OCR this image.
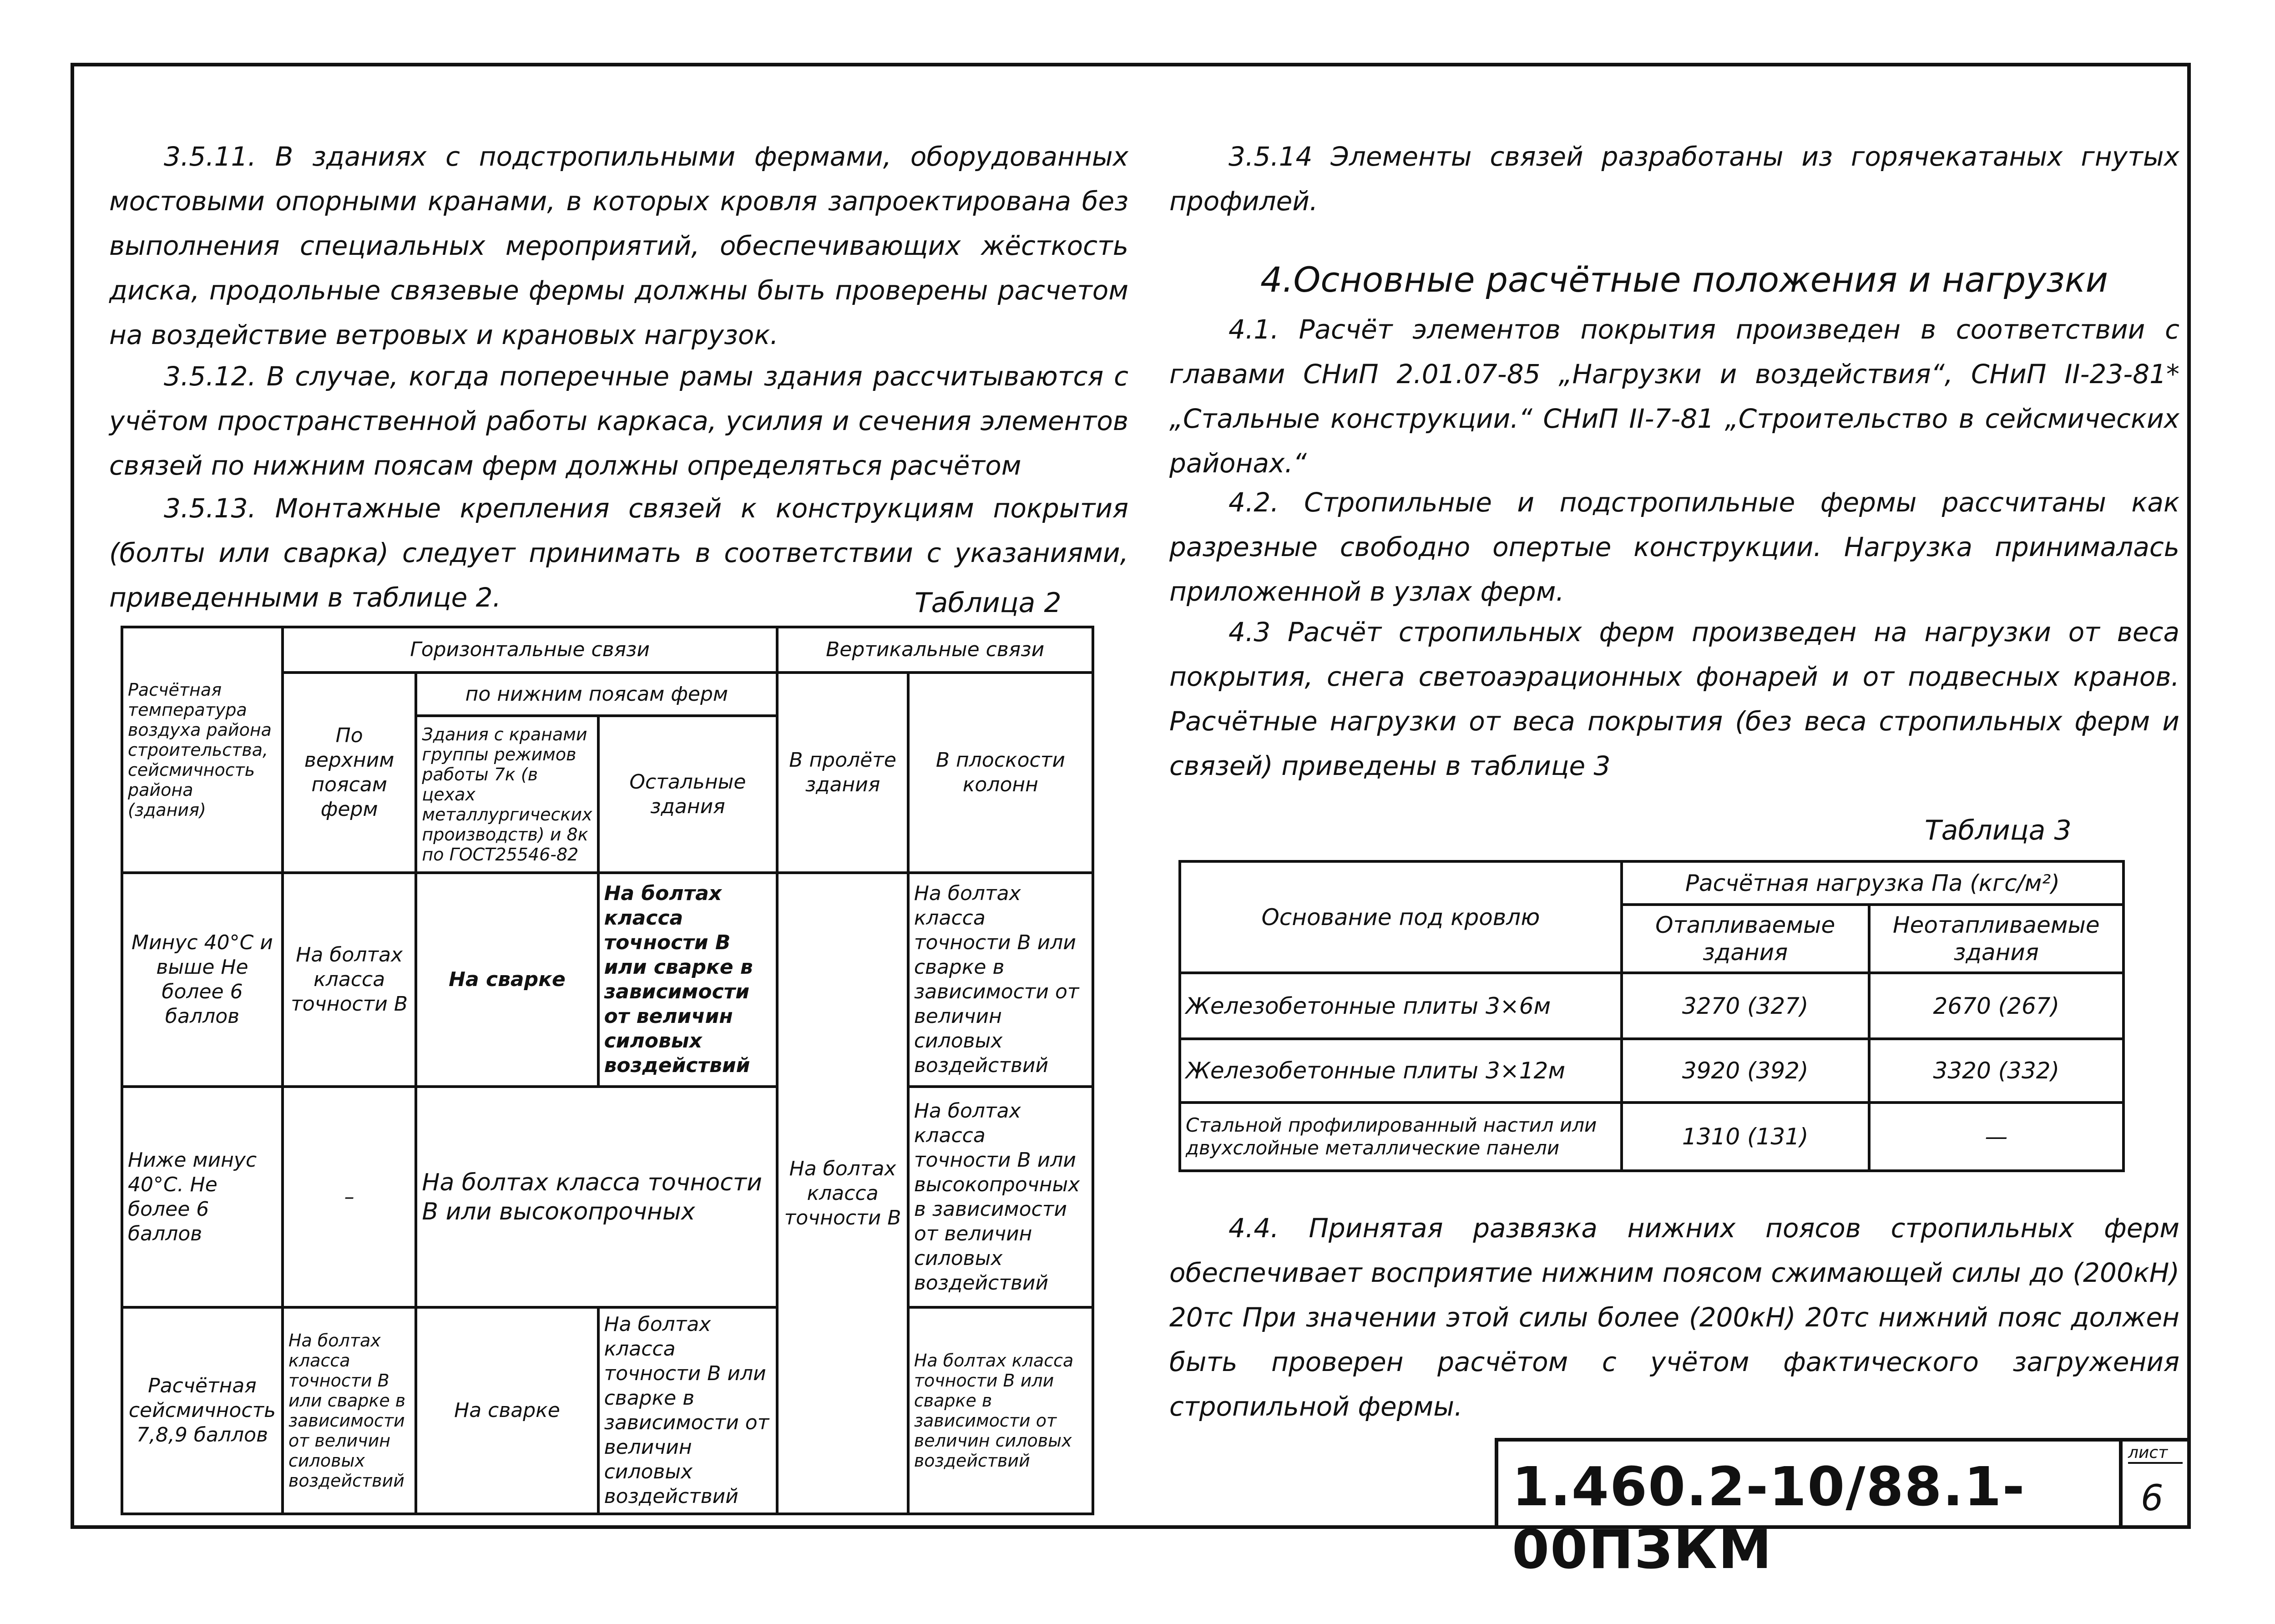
3.5.11. В зданиях с подстропильными фермами, оборудованных мостовыми опорными кранами, в которых кровля запроектирована без выполнения специальных мероприятий, обеспечивающих жёсткость диска, продольные связевые фермы должны быть проверены расчетом на воздействие ветровых и крановых нагрузок.
3.5.12. В случае, когда поперечные рамы здания рассчитываются с учётом пространственной работы каркаса, усилия и сечения элементов связей по нижним поясам ферм должны определяться расчётом
3.5.13. Монтажные крепления связей к конструкциям покрытия (болты или сварка) следует принимать в соответствии с указаниями, приведенными в таблице 2.	Таблица 2
Расчётная температура воздуха района строительства, сейсмичность района (здания)	Горизонтальные связи			Вертикальные связи	
	По верхним поясам ферм	по нижним поясам ферм		В пролёте здания	В плоскости колонн
		Здания с кранами группы режимов работы 7к (в цехах металлургических производств) и 8к по ГОСТ25546-82	Остальные здания		
Минус 40°С и выше Не более 6 баллов	На болтах класса точности В	На сварке	На болтах класса точности В или сварке в зависимости от величин силовых воздействий	На болтах класса точности В	На болтах класса точности В или сварке в зависимости от величин силовых воздействий
Ниже минус 40°С. Не более 6 баллов	–	На болтах класса точности В или высокопрочных			На болтах класса точности В или высокопрочных в зависимости от величин силовых воздействий
Расчётная сейсмичность 7,8,9 баллов	На болтах класса точности В или сварке в зависимости от величин силовых воздействий	На сварке	На болтах класса точности В или сварке в зависимости от величин силовых воздействий		На болтах класса точности В или сварке в зависимости от величин силовых воздействий
3.5.14 Элементы связей разработаны из горячекатаных гнутых профилей.
4.Основные расчётные положения и нагрузки
4.1. Расчёт элементов покрытия произведен в соответствии с главами СНиП 2.01.07-85 „Нагрузки и воздействия“, СНиП II-23-81* „Стальные конструкции.“ СНиП II-7-81 „Строительство в сейсмических районах.“
4.2. Стропильные и подстропильные фермы рассчитаны как разрезные свободно опертые конструкции. Нагрузка принималась приложенной в узлах ферм.
4.3 Расчёт стропильных ферм произведен на нагрузки от веса покрытия, снега светоаэрационных фонарей и от подвесных кранов. Расчётные нагрузки от веса покрытия (без веса стропильных ферм и связей) приведены в таблице 3
Таблица 3
Основание под кровлю	Расчётная нагрузка Па (кгс/м²)	
	Отапливаемые здания	Неотапливаемые здания
Железобетонные плиты 3×6м	3270 (327)	2670 (267)
Железобетонные плиты 3×12м	3920 (392)	3320 (332)
Стальной профилированный настил или двухслойные металлические панели	1310 (131)	—
4.4. Принятая развязка нижних поясов стропильных ферм обеспечивает восприятие нижним поясом сжимающей силы до (200кН) 20тс При значении этой силы более (200кН) 20тс нижний пояс должен быть проверен расчётом с учётом фактического загружения стропильной фермы.
1.460.2-10/88.1-00ПЗКМ
лист
6
